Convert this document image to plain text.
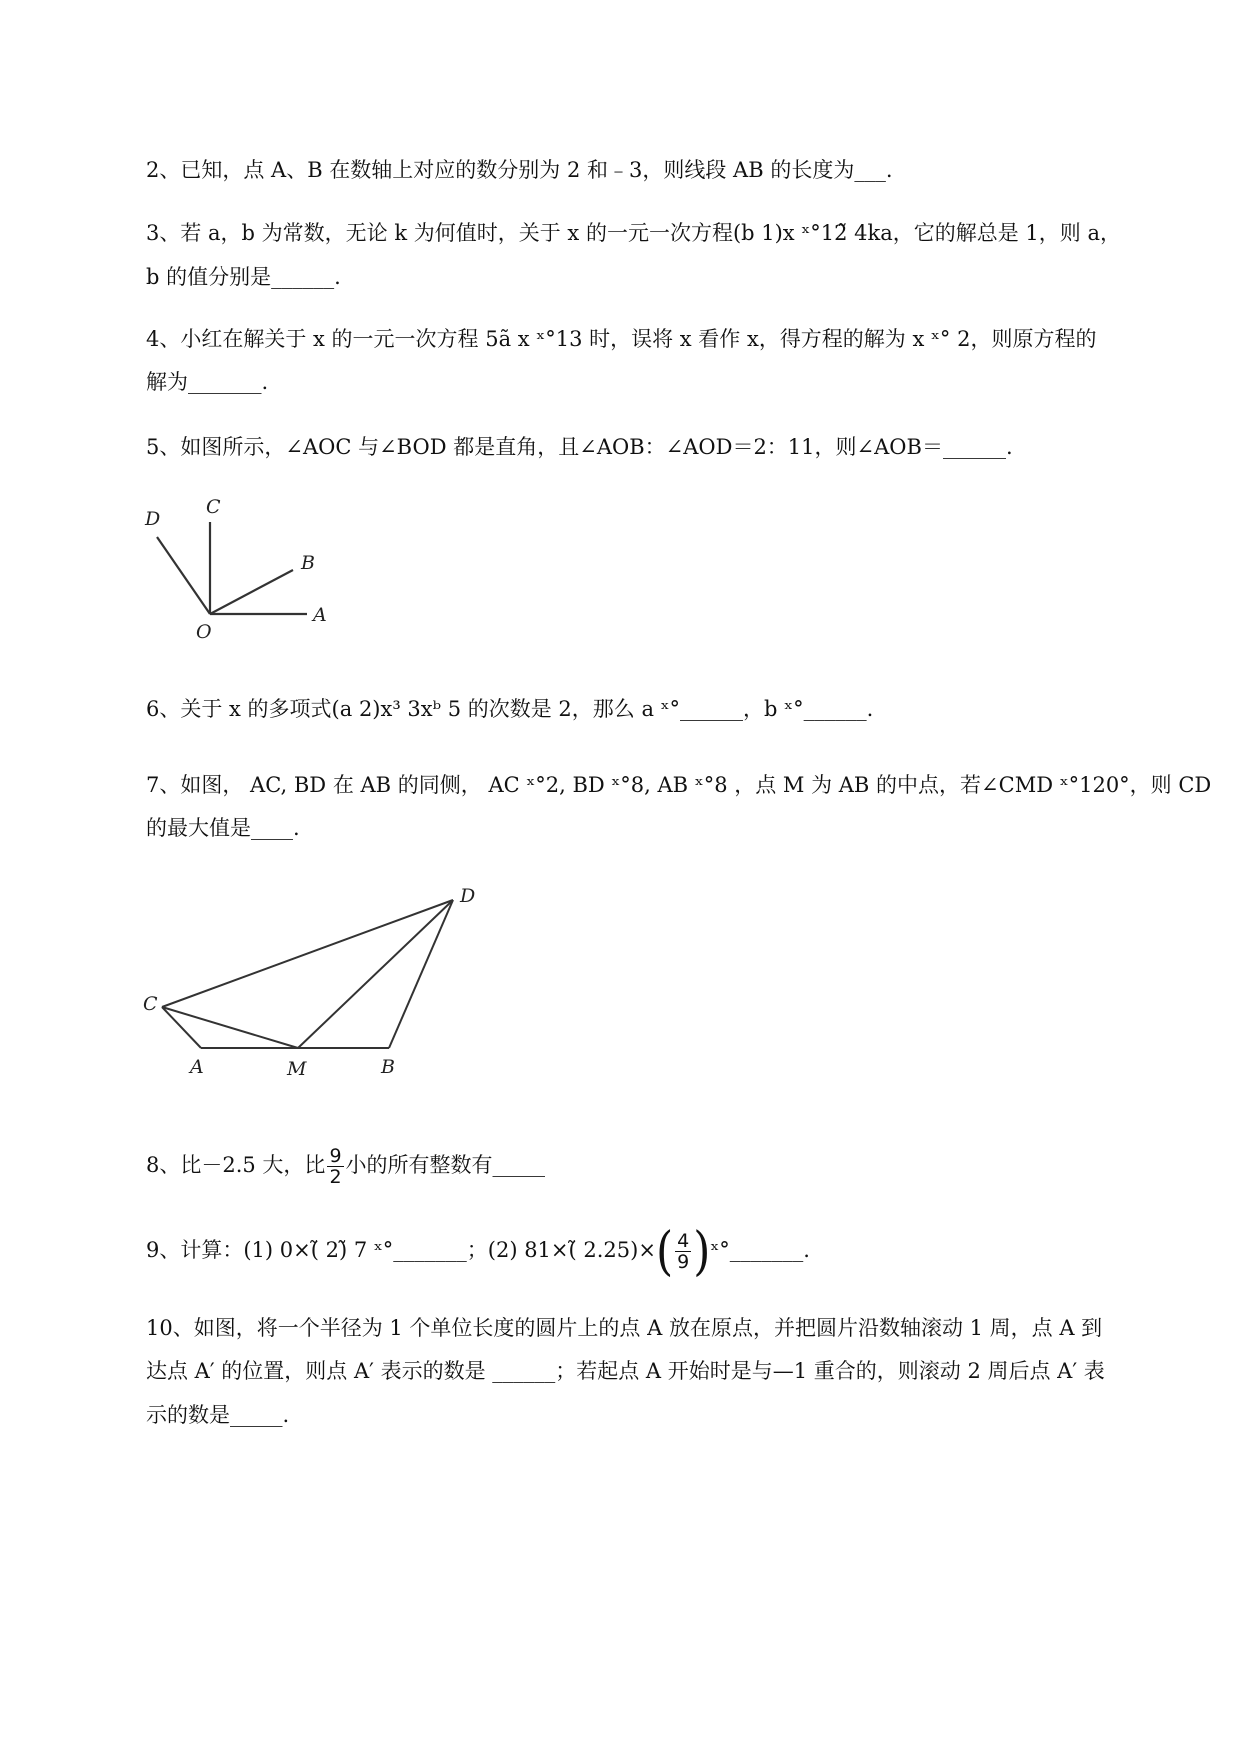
2、已知，点 A、B 在数轴上对应的数分别为 2 和﹣3，则线段 AB 的长度为___.
3、若 a，b 为常数，无论 k 为何值时，关于 x 的一元一次方程(b 1)x ˣ°12̃ 4ka，它的解总是 1，则 a，
b 的值分别是______.
4、小红在解关于 x 的一元一次方程 5ã x ˣ°13 时，误将 x 看作 x，得方程的解为 x ˣ° 2，则原方程的
解为_______.
5、如图所示，∠AOC 与∠BOD 都是直角，且∠AOB：∠AOD＝2：11，则∠AOB＝______.
D
C
B
A
O
6、关于 x 的多项式(a 2)x³ 3xᵇ 5 的次数是 2，那么 a ˣ°______，b ˣ°______.
7、如图， AC, BD 在 AB 的同侧， AC ˣ°2, BD ˣ°8, AB ˣ°8 ，点 M 为 AB 的中点，若∠CMD ˣ°120°，则 CD
的最大值是____.
D
C
A	M	B
8、比－2.5 大，比 $\frac{9}{2}$ 小的所有整数有_____
9、计算：(1) 0×(̃ 2)̃ 7 ˣ°_______；(2) 81×(̃ $2.25)\times( \frac{4}{9}$ )ˣ°_______.
10、如图，将一个半径为 1 个单位长度的圆片上的点 A 放在原点，并把圆片沿数轴滚动 1 周，点 A 到
达点 A′ 的位置，则点 A′ 表示的数是 ______；若起点 A 开始时是与—1 重合的，则滚动 2 周后点 A′ 表
示的数是_____.
